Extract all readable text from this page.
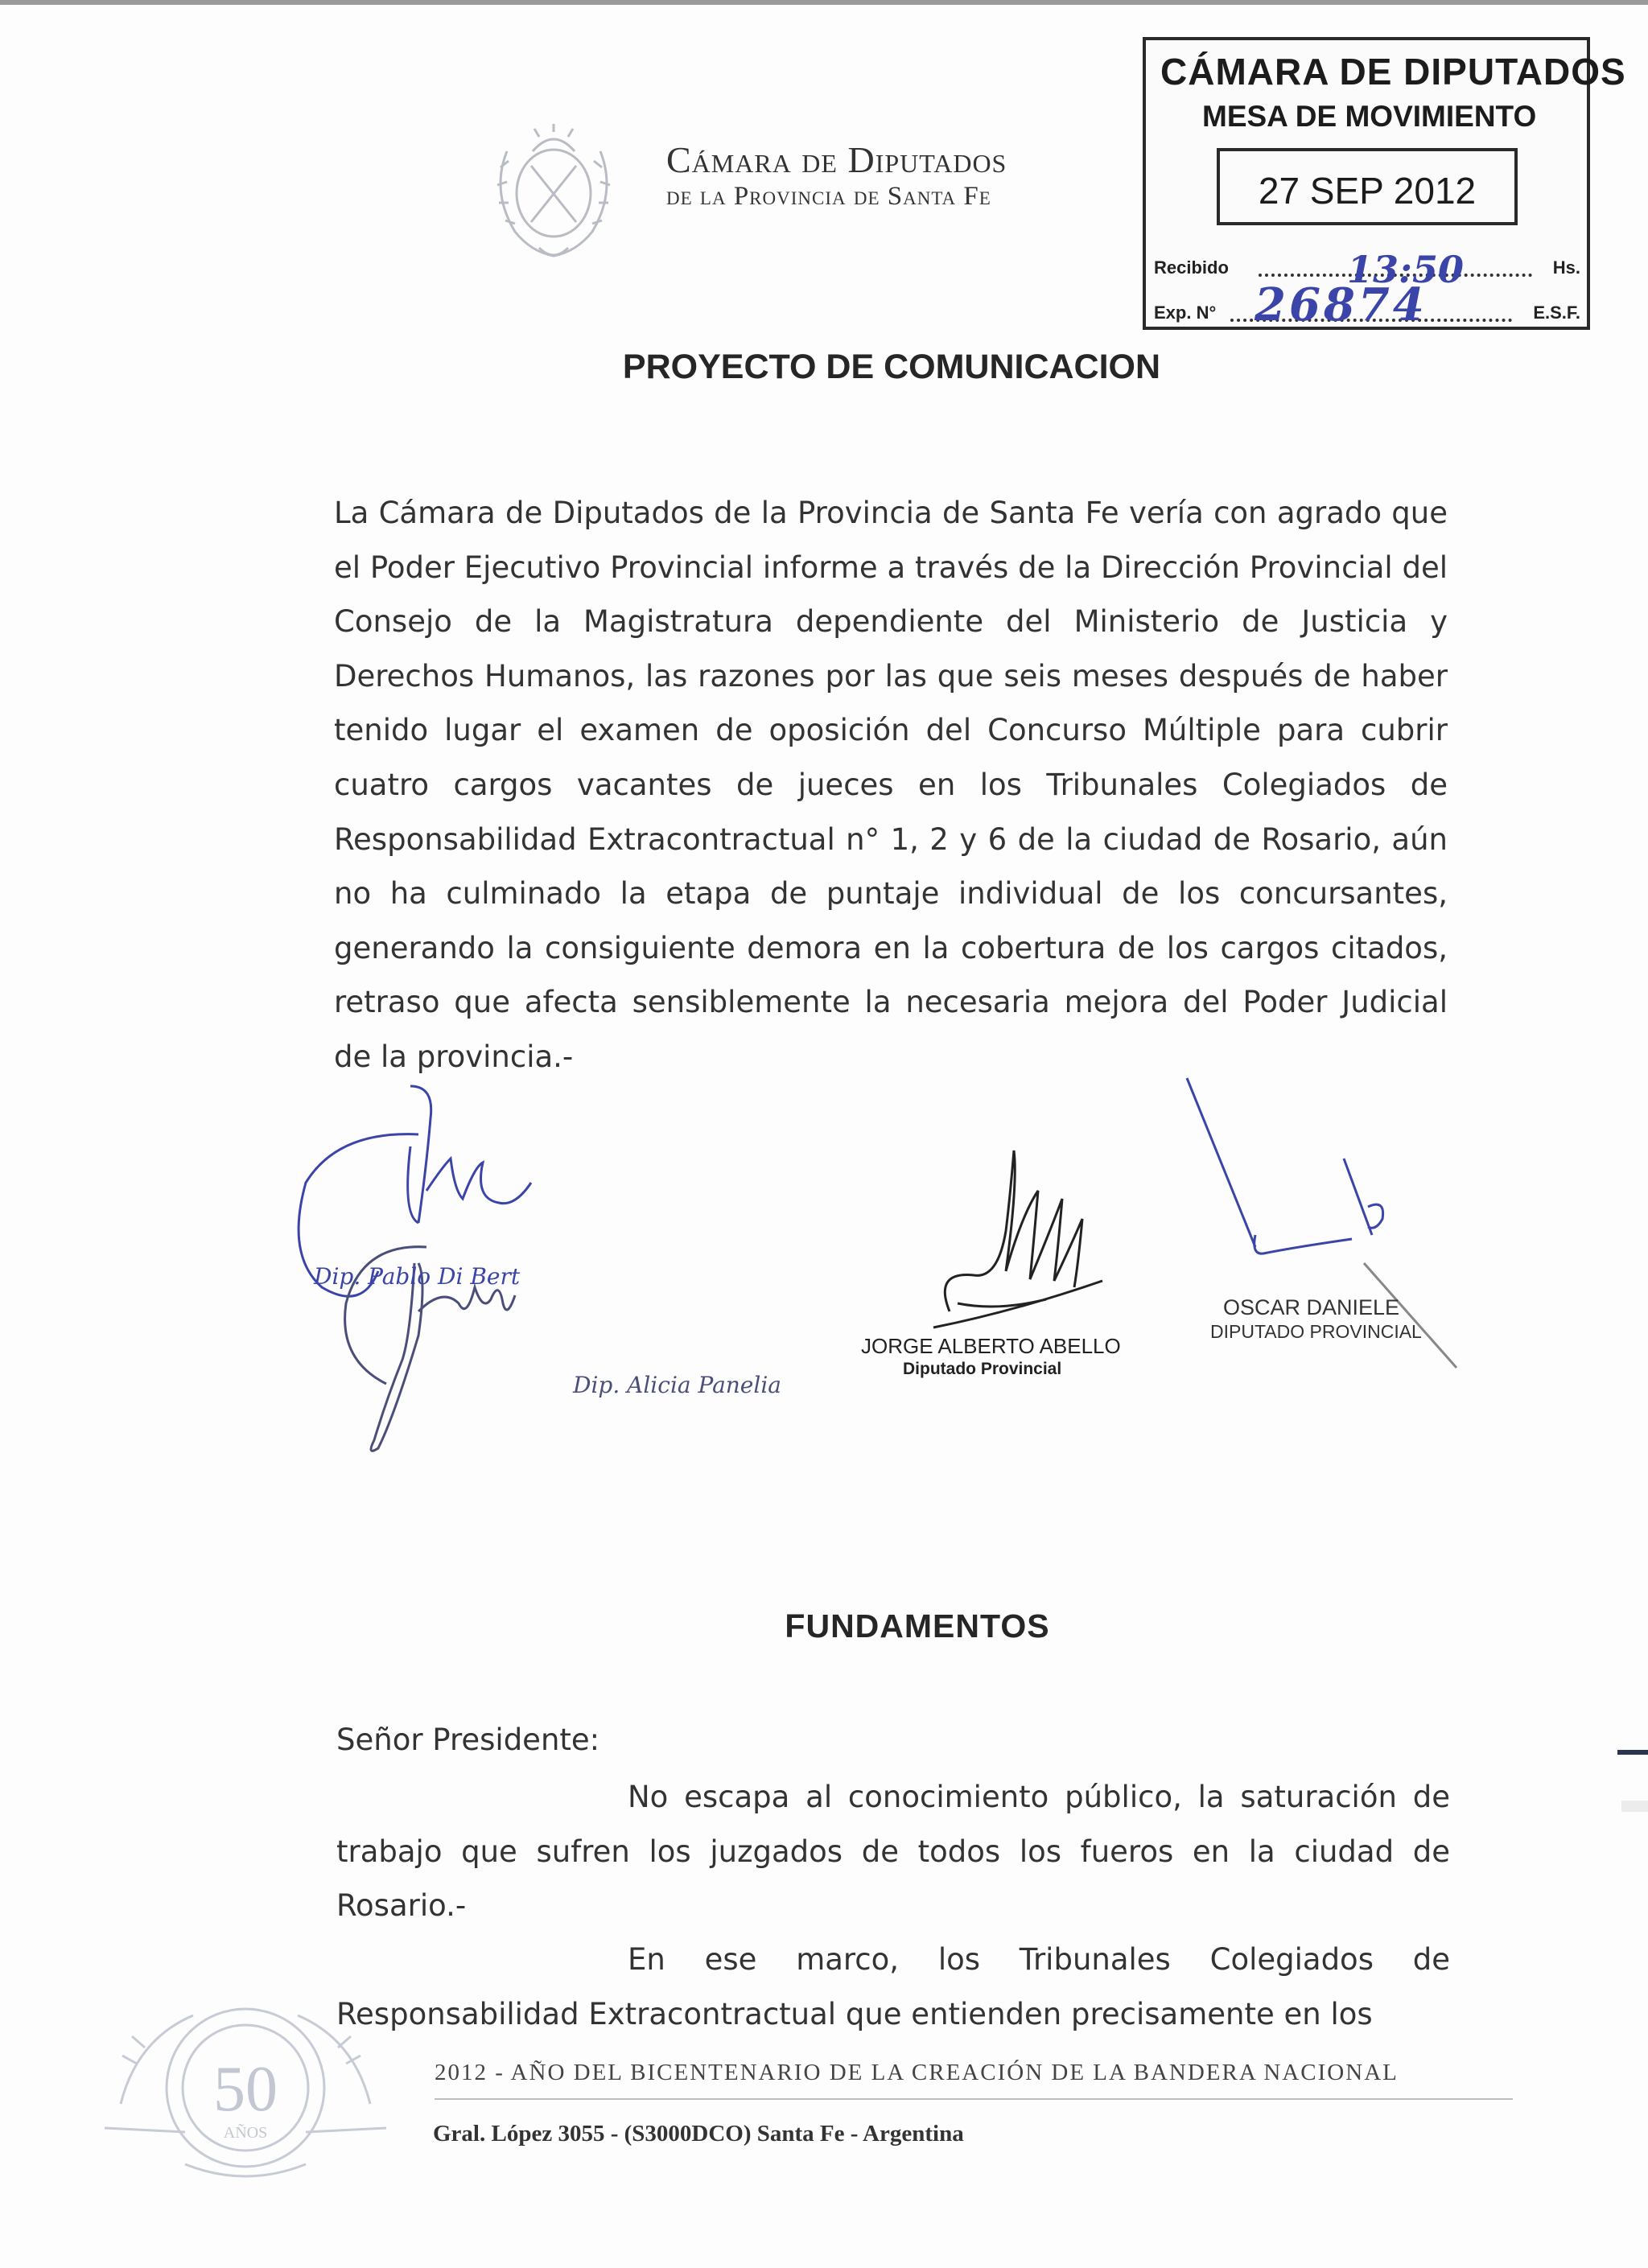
Cámara de Diputados
de la Provincia de Santa Fe
CÁMARA DE DIPUTADOS
MESA DE MOVIMIENTO
27 SEP 2012
Recibido	13:50	Hs.
Exp. N° 26874	E.S.F.
PROYECTO DE COMUNICACION
La Cámara de Diputados de la Provincia de Santa Fe vería con agrado que el Poder Ejecutivo Provincial informe a través de la Dirección Provincial del Consejo de la Magistratura dependiente del Ministerio de Justicia y Derechos Humanos, las razones por las que seis meses después de haber tenido lugar el examen de oposición del Concurso Múltiple para cubrir cuatro cargos vacantes de jueces en los Tribunales Colegiados de Responsabilidad Extracontractual n° 1, 2 y 6 de la ciudad de Rosario, aún no ha culminado la etapa de puntaje individual de los concursantes, generando la consiguiente demora en la cobertura de los cargos citados, retraso que afecta sensiblemente la necesaria mejora del Poder Judicial de la provincia.-
Dip. Pablo Di Bert
Dip. Alicia Panelia
JORGE ALBERTO ABELLO
Diputado Provincial
OSCAR DANIELE
DIPUTADO PROVINCIAL
FUNDAMENTOS
Señor Presidente:
No escapa al conocimiento público, la saturación de trabajo que sufren los juzgados de todos los fueros en la ciudad de Rosario.-
En ese marco, los Tribunales Colegiados de Responsabilidad Extracontractual que entienden precisamente en los
50
AÑOS
2012 - AÑO DEL BICENTENARIO DE LA CREACIÓN DE LA BANDERA NACIONAL
Gral. López 3055 - (S3000DCO) Santa Fe - Argentina
